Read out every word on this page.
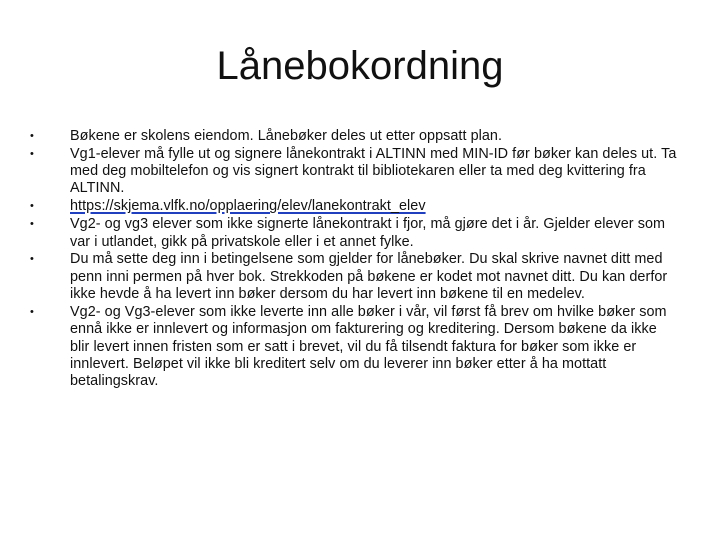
Lånebokordning
•	Bøkene er skolens eiendom. Lånebøker deles ut etter oppsatt plan.
•	Vg1-elever må fylle ut og signere lånekontrakt i ALTINN med MIN-ID før bøker kan deles ut. Ta med deg mobiltelefon og vis signert kontrakt til bibliotekaren eller ta med deg kvittering fra ALTINN.
•	https://skjema.vlfk.no/opplaering/elev/lanekontrakt_elev
•	Vg2- og vg3 elever som ikke signerte lånekontrakt i fjor, må gjøre det i år. Gjelder elever som var i utlandet, gikk på privatskole eller i et annet fylke.
•	Du må sette deg inn i betingelsene som gjelder for lånebøker. Du skal skrive navnet ditt med penn inni permen på hver bok. Strekkoden på bøkene er kodet mot navnet ditt. Du kan derfor ikke hevde å ha levert inn bøker dersom du har levert inn bøkene til en medelev.
•	Vg2- og Vg3-elever som ikke leverte inn alle bøker i vår, vil først få brev om hvilke bøker som ennå ikke er innlevert og informasjon om fakturering og kreditering. Dersom bøkene da ikke blir levert innen fristen som er satt i brevet, vil du få tilsendt faktura for bøker som ikke er innlevert. Beløpet vil ikke bli kreditert selv om du leverer inn bøker etter å ha mottatt betalingskrav.
